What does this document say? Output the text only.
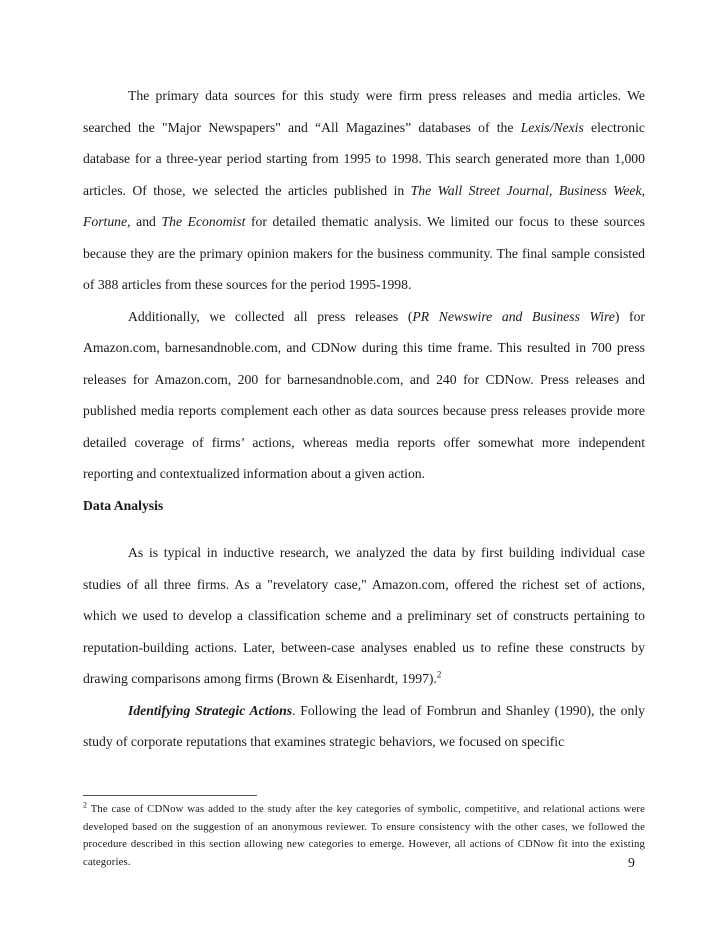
The primary data sources for this study were firm press releases and media articles. We searched the "Major Newspapers" and “All Magazines” databases of the Lexis/Nexis electronic database for a three-year period starting from 1995 to 1998. This search generated more than 1,000 articles. Of those, we selected the articles published in The Wall Street Journal, Business Week, Fortune, and The Economist for detailed thematic analysis. We limited our focus to these sources because they are the primary opinion makers for the business community. The final sample consisted of 388 articles from these sources for the period 1995-1998.

Additionally, we collected all press releases (PR Newswire and Business Wire) for Amazon.com, barnesandnoble.com, and CDNow during this time frame. This resulted in 700 press releases for Amazon.com, 200 for barnesandnoble.com, and 240 for CDNow. Press releases and published media reports complement each other as data sources because press releases provide more detailed coverage of firms’ actions, whereas media reports offer somewhat more independent reporting and contextualized information about a given action.

Data Analysis

As is typical in inductive research, we analyzed the data by first building individual case studies of all three firms. As a "revelatory case," Amazon.com, offered the richest set of actions, which we used to develop a classification scheme and a preliminary set of constructs pertaining to reputation-building actions. Later, between-case analyses enabled us to refine these constructs by drawing comparisons among firms (Brown & Eisenhardt, 1997).$^2$

Identifying Strategic Actions. Following the lead of Fombrun and Shanley (1990), the only study of corporate reputations that examines strategic behaviors, we focused on specific

$^2$ The case of CDNow was added to the study after the key categories of symbolic, competitive, and relational actions were developed based on the suggestion of an anonymous reviewer. To ensure consistency with the other cases, we followed the procedure described in this section allowing new categories to emerge. However, all actions of CDNow fit into the existing categories.	9
